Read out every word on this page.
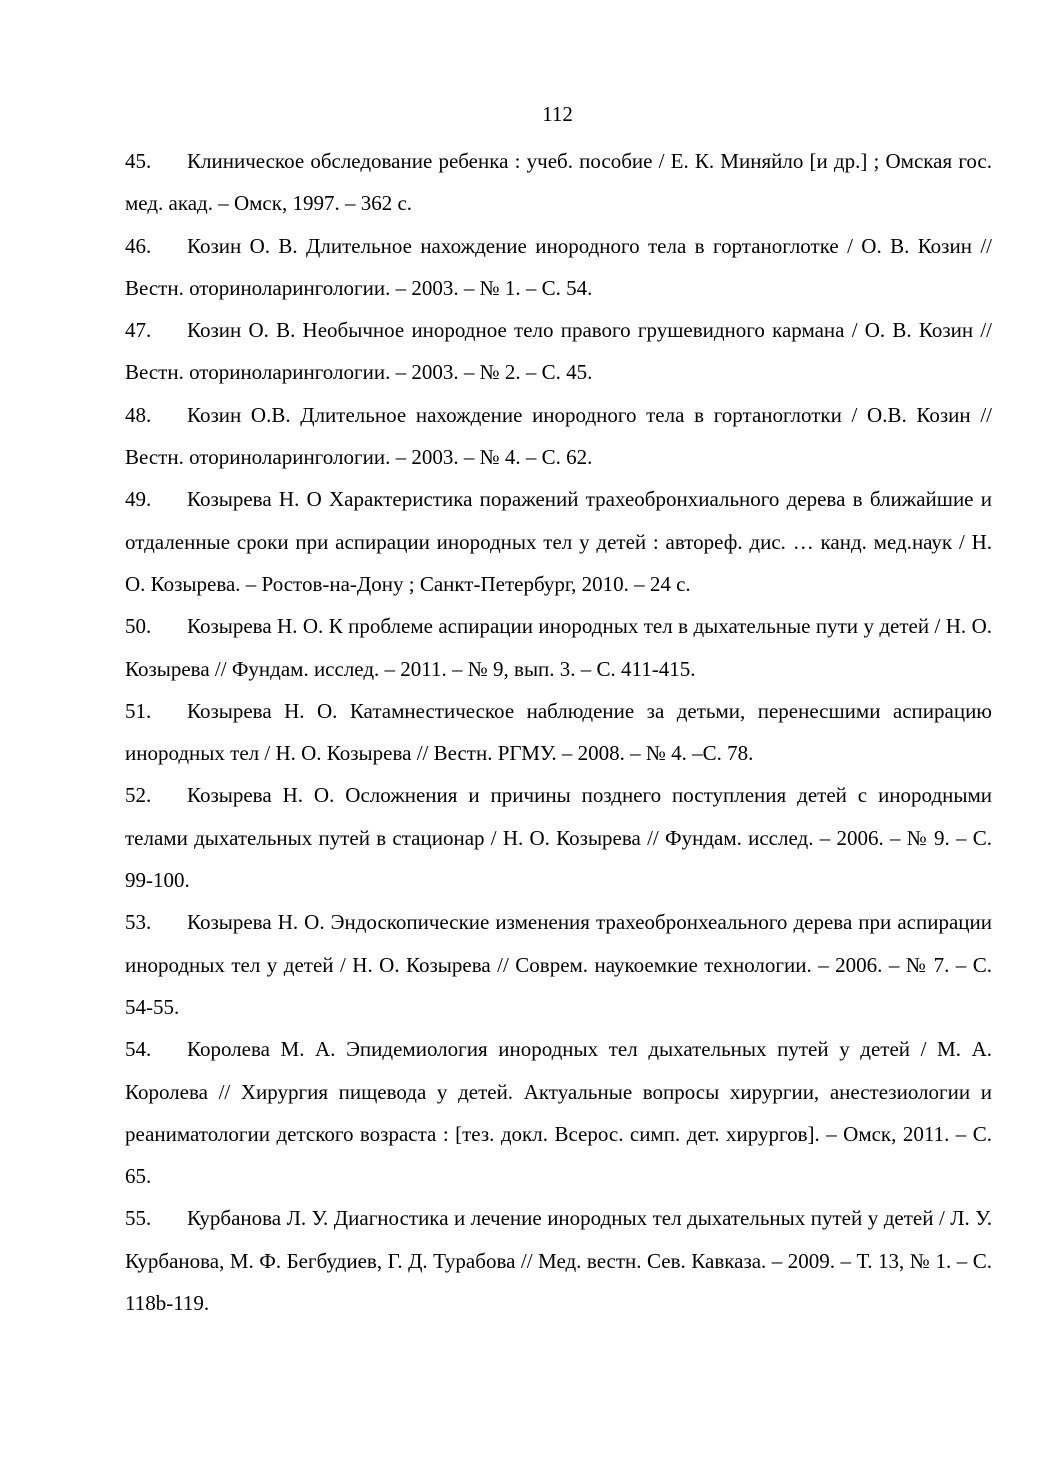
112

45. Клиническое обследование ребенка : учеб. пособие / Е. К. Миняйло [и др.] ; Омская гос. мед. акад. – Омск, 1997. – 362 с.

46. Козин О. В. Длительное нахождение инородного тела в гортаноглотке / О. В. Козин // Вестн. оториноларингологии. – 2003. – № 1. – С. 54.

47. Козин О. В. Необычное инородное тело правого грушевидного кармана / О. В. Козин // Вестн. оториноларингологии. – 2003. – № 2. – С. 45.

48. Козин О.В. Длительное нахождение инородного тела в гортаноглотки / О.В. Козин // Вестн. оториноларингологии. – 2003. – № 4. – С. 62.

49. Козырева Н. О Характеристика поражений трахеобронхиального дерева в ближайшие и отдаленные сроки при аспирации инородных тел у детей : автореф. дис. … канд. мед.наук / Н. О. Козырева. – Ростов-на-Дону ; Санкт-Петербург, 2010. – 24 с.

50. Козырева Н. О. К проблеме аспирации инородных тел в дыхательные пути у детей / Н. О. Козырева // Фундам. исслед. – 2011. – № 9, вып. 3. – С. 411-415.

51. Козырева Н. О. Катамнестическое наблюдение за детьми, перенесшими аспирацию инородных тел / Н. О. Козырева // Вестн. РГМУ. – 2008. – № 4. –С. 78.

52. Козырева Н. О. Осложнения и причины позднего поступления детей с инородными телами дыхательных путей в стационар / Н. О. Козырева // Фундам. исслед. – 2006. – № 9. – С. 99-100.

53. Козырева Н. О. Эндоскопические изменения трахеобронхеального дерева при аспирации инородных тел у детей / Н. О. Козырева // Соврем. наукоемкие технологии. – 2006. – № 7. – С. 54-55.

54. Королева М. А. Эпидемиология инородных тел дыхательных путей у детей / М. А. Королева // Хирургия пищевода у детей. Актуальные вопросы хирургии, анестезиологии и реаниматологии детского возраста : [тез. докл. Всерос. симп. дет. хирургов]. – Омск, 2011. – С. 65.

55. Курбанова Л. У. Диагностика и лечение инородных тел дыхательных путей у детей / Л. У. Курбанова, М. Ф. Бегбудиев, Г. Д. Турабова // Мед. вестн. Сев. Кавказа. – 2009. – Т. 13, № 1. – С. 118b-119.
